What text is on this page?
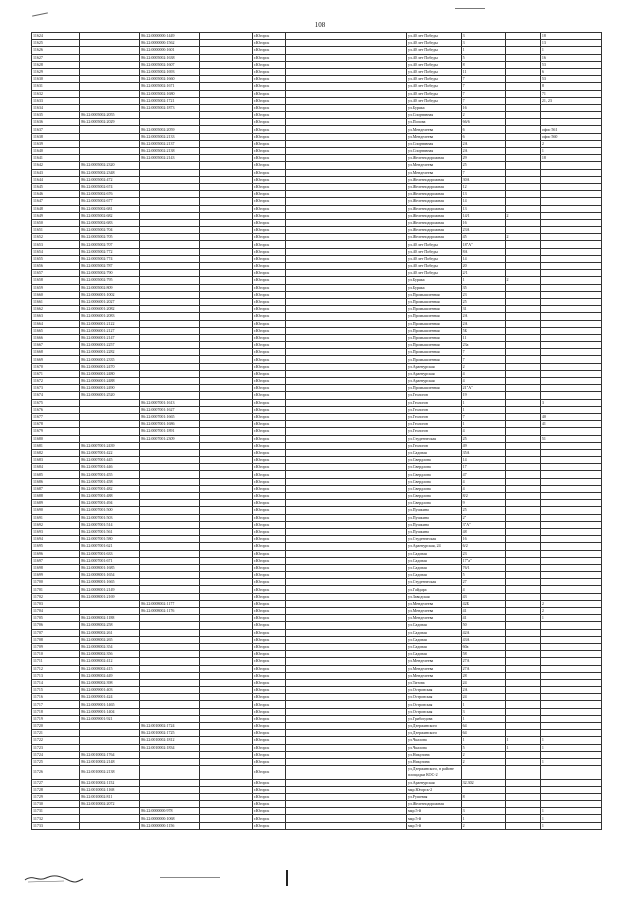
108
11624		86:22:0000000:1449		г.Югорск		ул.40 лет Победы	3		18
11625		86:22:0000000:1562		г.Югорск		ул.40 лет Победы	3		13
11626		86:22:0000000:1601		г.Югорск		ул.40 лет Победы	1		1
11627		86:22:0005002:1638		г.Югорск		ул.40 лет Победы	5		16
11628		86:22:0005002:1607		г.Югорск		ул.40 лет Победы	8		53
11629		86:22:0005002:1693		г.Югорск		ул.40 лет Победы	11		6
11630		86:22:0005002:1660		г.Югорск		ул.40 лет Победы	7		53
11631		86:22:0005002:1671		г.Югорск		ул.40 лет Победы	7		8
11632		86:22:0005002:1680		г.Югорск		ул.40 лет Победы	7		71
11633		86:22:0005002:1721		г.Югорск		ул.40 лет Победы	7		21, 23
11634		86:22:0005002:1873		г.Югорск		ул.Буряка	16		
11635	86:22:0005002:2055			г.Югорск		ул.Спортивная	2		
11636	86:22:0005002:2029			г.Югорск		ул.Попова	66/6		
11637		86:22:0005002:2059		г.Югорск		ул.Менделеева	6		офис 561
11638		86:22:0005002:2133		г.Югорск		ул.Менделеева	6		офис 560
11639		86:22:0005002:2137		г.Югорск		ул.Спортивная	2А		2
11640		86:22:0005002:2138		г.Югорск		ул.Спортивная	2А		1
11641		86:22:0005002:2143		г.Югорск		ул.Железнодорожная	29		18
11642	86:22:0005002:2320			г.Югорск		ул.Менделеева	25		
11643	86:22:0005002:2348			г.Югорск		ул.Менделеева	7		
11644	86:22:0005002:472			г.Югорск		ул.Железнодорожная	30А		
11645	86:22:0005002:674			г.Югорск		ул.Железнодорожная	12		
11646	86:22:0005002:676			г.Югорск		ул.Железнодорожная	13		
11647	86:22:0005002:677			г.Югорск		ул.Железнодорожная	14		
11648	86:22:0005002:681			г.Югорск		ул.Железнодорожная	13		
11649	86:22:0005002:682			г.Югорск		ул.Железнодорожная	14/1	2	
11650	86:22:0005002:683			г.Югорск		ул.Железнодорожная	16		
11651	86:22:0005002:704			г.Югорск		ул.Железнодорожная	23А		
11652	86:22:0005002:705			г.Югорск		ул.Железнодорожная	45	2	
11653	86:22:0005002:707			г.Югорск		ул.40 лет Победы	18"А"		
11654	86:22:0005002:772			г.Югорск		ул.40 лет Победы	8А		
11655	86:22:0005002:774			г.Югорск		ул.40 лет Победы	14		
11656	86:22:0005002:787			г.Югорск		ул.40 лет Победы	20		
11657	86:22:0005002:790			г.Югорск		ул.40 лет Победы	2/1		
11658	86:22:0005002:795			г.Югорск		ул.Буряка	1	2	
11659	86:22:0005002:809			г.Югорск		ул.Буряка	35		
11660	86:22:0006001:1002			г.Югорск		ул.Промышленная	23		
11661	86:22:0006001:2027			г.Югорск		ул.Промышленная	25		
11662	86:22:0006001:2082			г.Югорск		ул.Промышленная	31		
11663	86:22:0006001:2083			г.Югорск		ул.Промышленная	2А		
11664	86:22:0006001:2122			г.Югорск		ул.Промышленная	2А		
11665	86:22:0006001:2127			г.Югорск		ул.Промышленная	5Б		
11666	86:22:0006001:2147			г.Югорск		ул.Промышленная	11		
11667	86:22:0006001:2257			г.Югорск		ул.Промышленная	23а		
11668	86:22:0006001:2282			г.Югорск		ул.Промышленная	7		
11669	86:22:0006001:2335			г.Югорск		ул.Промышленная	7		
11670	86:22:0006001:2470			г.Югорск		ул.Арантурская	2		
11671	86:22:0006001:2480			г.Югорск		ул.Арантурская	4		
11672	86:22:0006001:2488			г.Югорск		ул.Арантурская	4		
11673	86:22:0006001:2490			г.Югорск		ул.Промышленная	21"А"		
11674	86:22:0006001:2520			г.Югорск		ул.Геологов	19		
11675		86:22:0007001:1613		г.Югорск		ул.Геологов	1		3
11676		86:22:0007001:1627		г.Югорск		ул.Геологов	1		
11677		86:22:0007001:1665		г.Югорск		ул.Геологов	7		40
11678		86:22:0007001:1686		г.Югорск		ул.Геологов	1		41
11679		86:22:0007001:1891		г.Югорск		ул.Геологов	4		
11680		86:22:0007001:2309		г.Югорск		ул.Студенческая	25		51
11681	86:22:0007001:2439			г.Югорск		ул.Геологов	49		
11682	86:22:0007001:422			г.Югорск		ул.Садовая	35А		
11683	86:22:0007001:445			г.Югорск		ул.Свердлова	14		
11684	86:22:0007001:446			г.Югорск		ул.Свердлова	17		
11685	86:22:0007001:455			г.Югорск		ул.Свердлова	47		
11686	86:22:0007001:458			г.Югорск		ул.Свердлова	4		
11687	86:22:0007001:482			г.Югорск		ул.Свердлова	4		
11688	86:22:0007001:488			г.Югорск		ул.Свердлова	8/2		
11689	86:22:0007001:494			г.Югорск		ул.Свердлова	9		
11690	86:22:0007001:500			г.Югорск		ул.Пушкина	25		
11691	86:22:0007001:503			г.Югорск		ул.Пушкина	2"		
11692	86:22:0007001:514			г.Югорск		ул.Пушкина	3"А"		
11693	86:22:0007001:561			г.Югорск		ул.Пушкина	48		
11694	86:22:0007001:580			г.Югорск		ул.Студенческая	16		
11695	86:22:0007001:621			г.Югорск		ул.Арантурская, 24	6/2		
11696	86:22:0007001:633			г.Югорск		ул.Садовая	23		
11697	86:22:0007001:671			г.Югорск		ул.Садовая	17"а"		
11698	86:22:0008001:1685			г.Югорск		ул.Садовая	76/1		
11699	86:22:0008001:1654			г.Югорск		ул.Садовая	5		
11700	86:22:0008001:1665			г.Югорск		ул.Студенческая	27		
11701	86:22:0008001:2149			г.Югорск		ул.Гайдара	4		
11702	86:22:0008001:2169			г.Югорск		ул.Заводская	43		
11703		86:22:0008002:1177		г.Югорск		ул.Менделеева	42Б		2
11704		86:22:0008002:1176		г.Югорск		ул.Менделеева	41		2
11705	86:22:0008002:1188			г.Югорск		ул.Менделеева	41		1
11706	86:22:0008002:258			г.Югорск		ул.Садовая	50		
11707	86:22:0008002:261			г.Югорск		ул.Садовая	42А		
11708	86:22:0008002:265			г.Югорск		ул.Садовая	43А		
11709	86:22:0008002:354			г.Югорск		ул.Садовая	60а		
11710	86:22:0008002:356			г.Югорск		ул.Садовая	58		
11711	86:22:0008002:412			г.Югорск		ул.Менделеева	27А		
11712	86:22:0008002:415			г.Югорск		ул.Менделеева	27А		
11713	86:22:0008002:449			г.Югорск		ул.Менделеева	28		
11714	86:22:0008002:398			г.Югорск		ул.Титова	24		
11715	86:22:0009001:403			г.Югорск		ул.Островская	2А		
11716	86:22:0009001:424			г.Югорск		ул.Островская	24		
11717	86:22:0009001:1465			г.Югорск		ул.Островская	1		
11718	86:22:0009001:1404			г.Югорск		ул.Островская	3		
11719	86:22:0009001:921			г.Югорск		ул.Грибоедова	1		
11720		86:22:0010002:1724		г.Югорск		ул.Дзержинского	64		
11721		86:22:0010002:1725		г.Югорск		ул.Дзержинского	64		
11722		86:22:0010002:1812		г.Югорск		ул.Чкалова	1	1	1
11723		86:22:0010002:1834		г.Югорск		ул.Чкалова	5	1	1
11724	86:22:0010002:1764			г.Югорск		ул.Никулина	2		
11725	86:22:0010002:2148			г.Югорск		ул.Никулина	2		1
11726	86:22:0010002:2138			г.Югорск		ул.Дзержинского, в районе площадки КОС-2			
11727	86:22:0010002:1152			г.Югорск		ул.Арантурская	32.302		
11728	86:22:0010002:1168			г.Югорск		мкр.Югорск-2			
11729	86:22:0010002:811			г.Югорск		ул.Рушевая	8		
11730	86:22:0010002:2072			г.Югорск		ул.Железнодорожная			
11731		86:22:0000000:978		г.Югорск		мкр.5-й	3		1
11732		86:22:0000000:1068		г.Югорск		мкр.5-й	1		1
11733		86:22:0000000:1156		г.Югорск		мкр.5-й	2		1
